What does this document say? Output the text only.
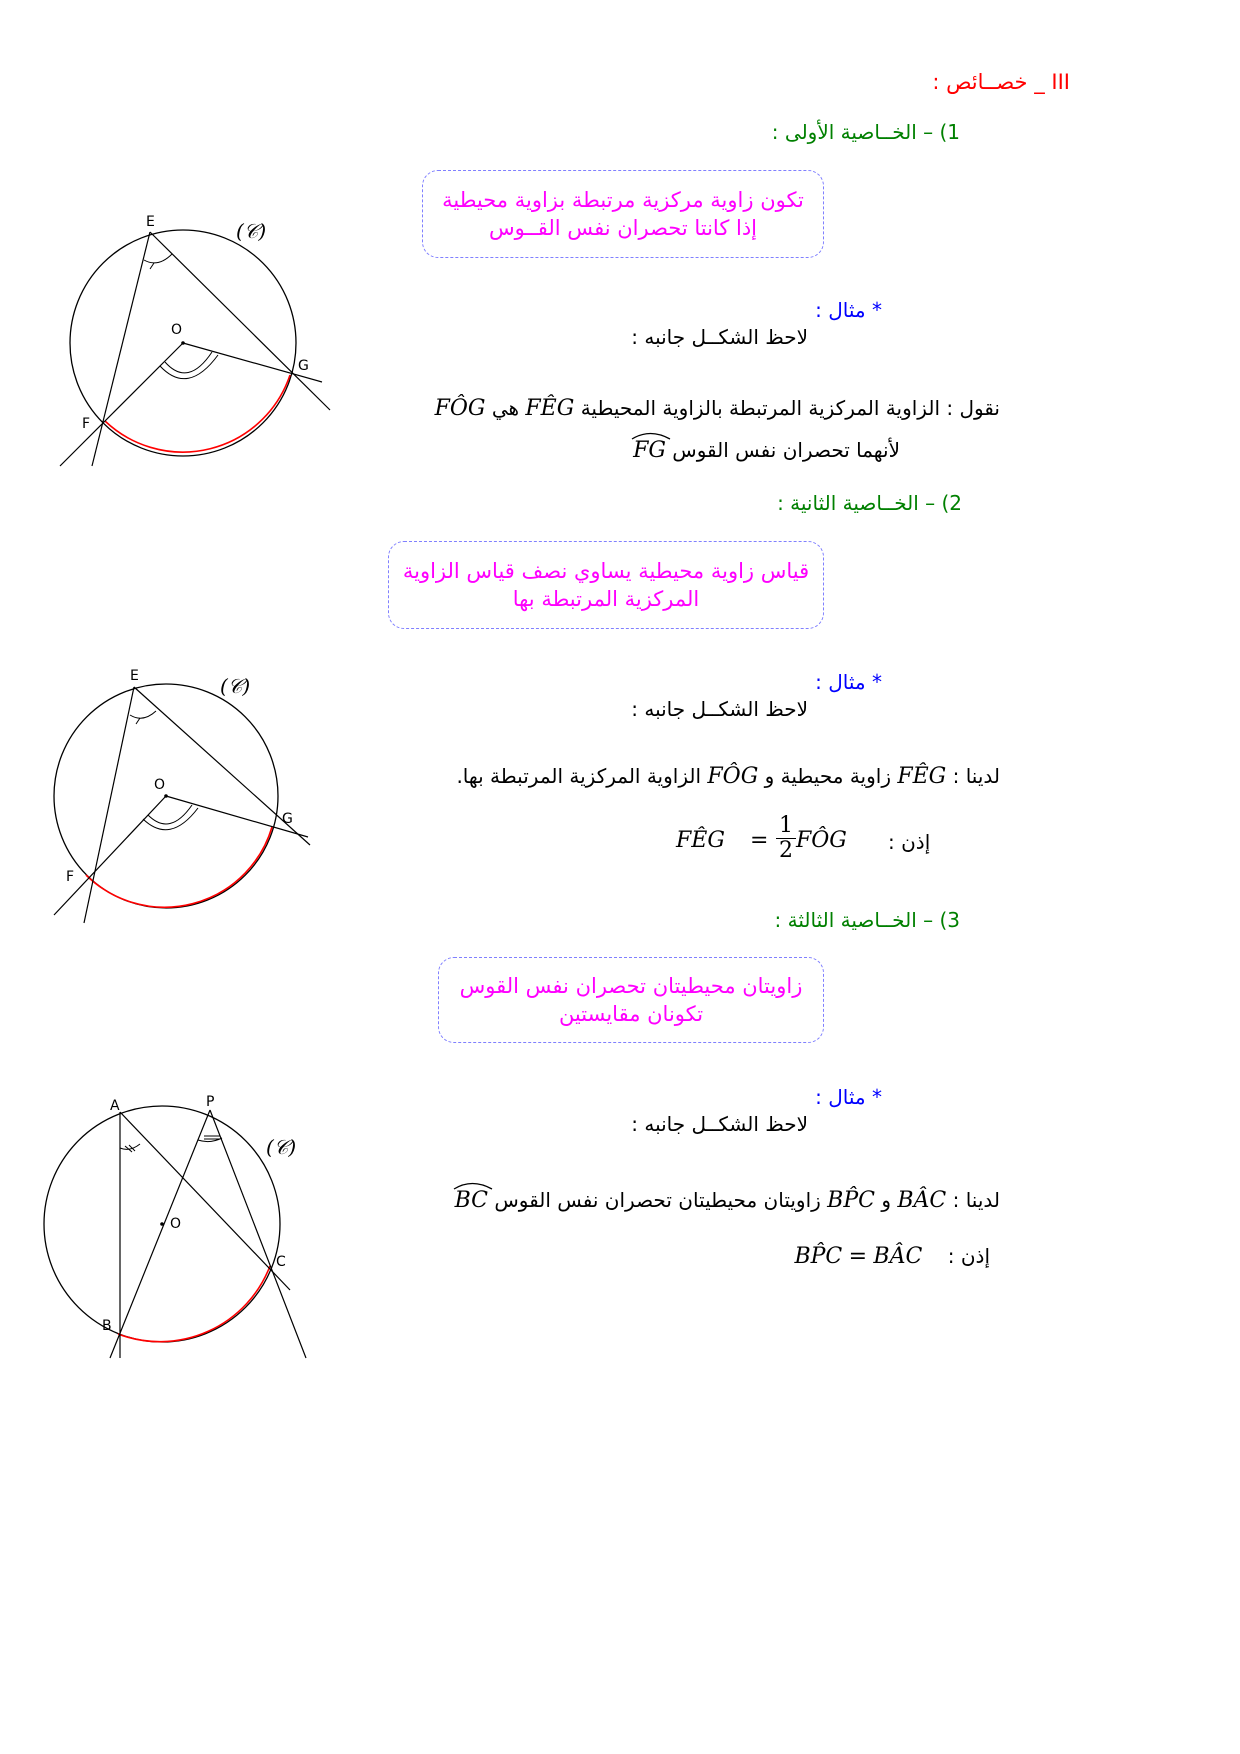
III _ خصــائص :
1) – الخــاصية الأولى :
تكون زاوية مركزية مرتبطة بزاوية محيطية
إذا كانتا تحصران نفس القــوس
* مثال :
لاحظ الشكــل جانبه :
نقول : الزاوية المركزية المرتبطة بالزاوية المحيطية FÊG هي FÔG
لأنهما تحصران نفس القوس
FG
E
O
G
F
(𝒞)
2) – الخــاصية الثانية :
قياس زاوية محيطية يساوي نصف قياس الزاوية
المركزية المرتبطة بها
* مثال :
لاحظ الشكــل جانبه :
لدينا : FÊG زاوية محيطية و FÔG الزاوية المركزية المرتبطة بها.
FÊG = $\frac{1}{2}$ FÔG إذن :
E
O
G
F
(𝒞)
3) – الخــاصية الثالثة :
زاويتان محيطيتان تحصران نفس القوس
تكونان مقايستين
* مثال :
لاحظ الشكــل جانبه :
لدينا : BÂC و BP̂C زاويتان محيطيتان تحصران نفس القوس
BC
إذن :    BÂC = BP̂C
A	P
O
C
B
(𝒞)
